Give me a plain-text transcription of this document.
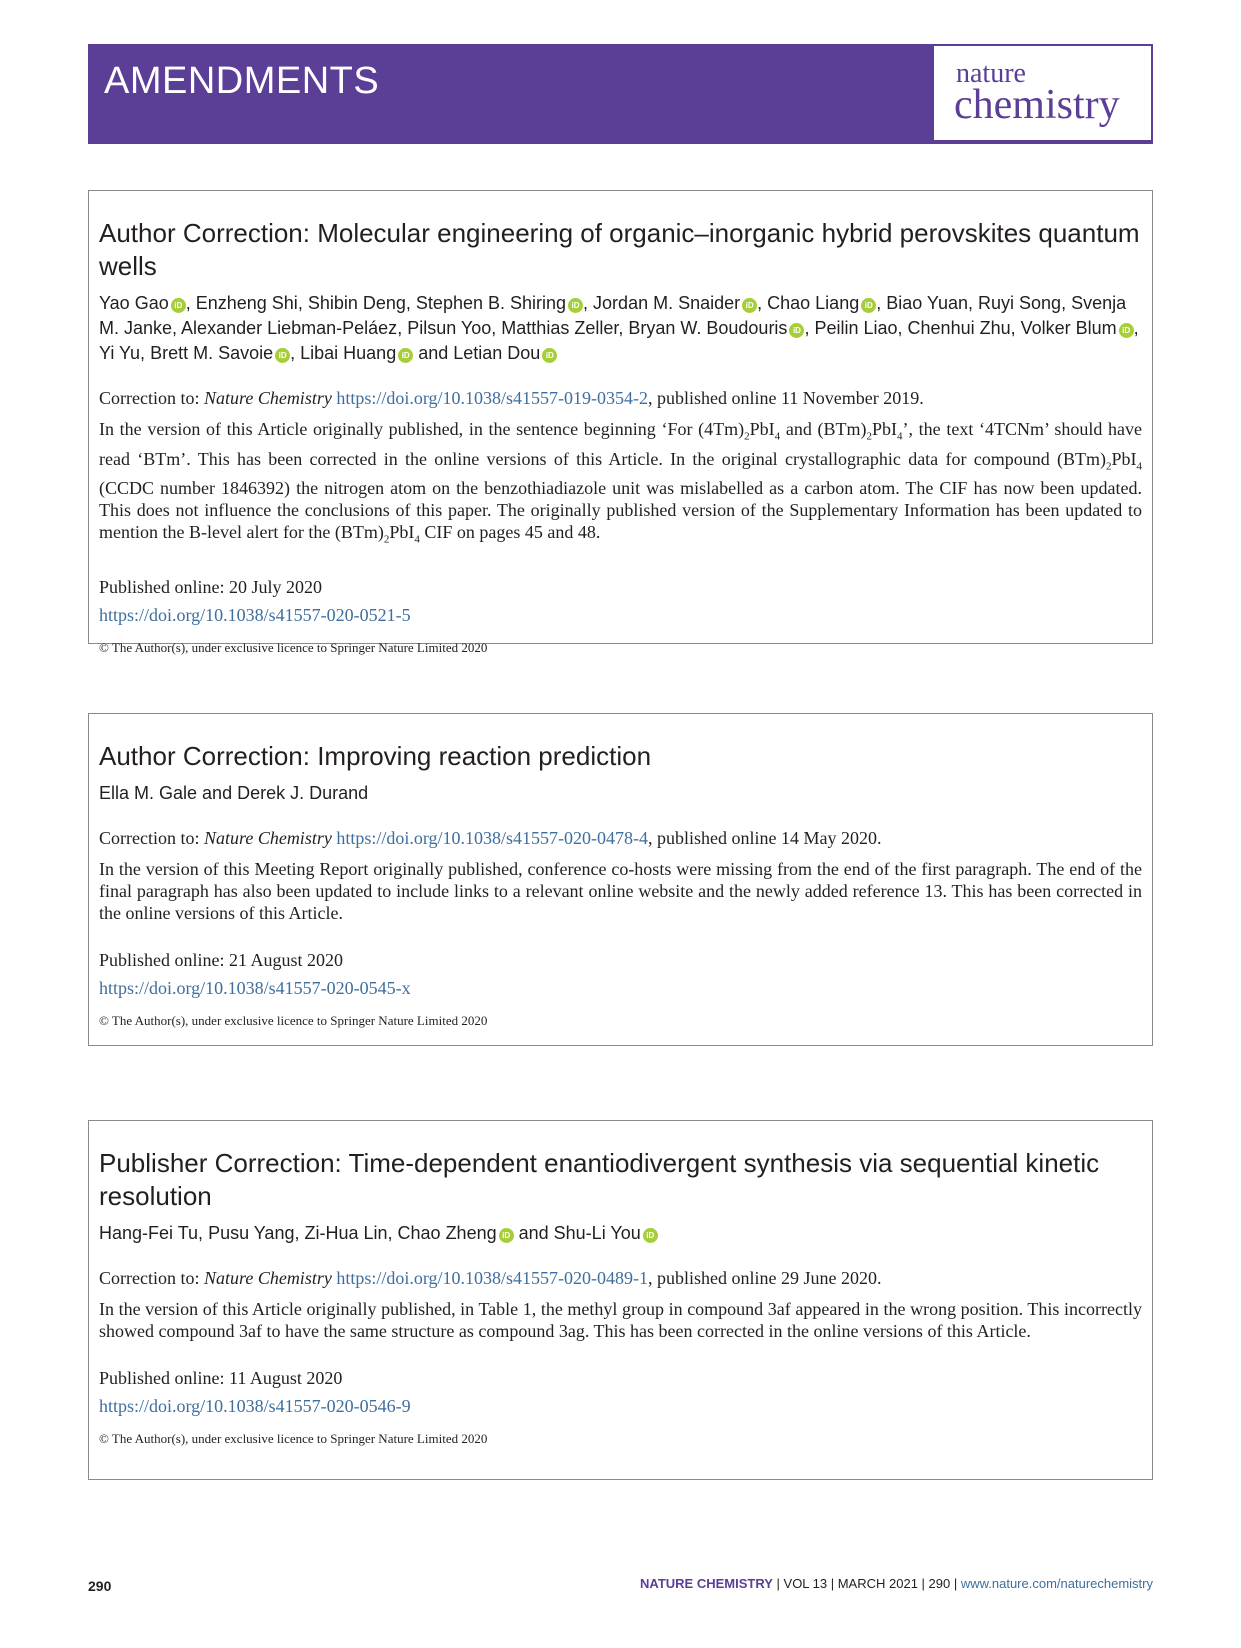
AMENDMENTS	nature
chemistry
Author Correction: Molecular engineering of organic–inorganic hybrid perovskites quantum wells
Yao Gao iD , Enzheng Shi, Shibin Deng, Stephen B. Shiring iD , Jordan M. Snaider iD , Chao Liang iD , Biao Yuan, Ruyi Song, Svenja M. Janke, Alexander Liebman-Peláez, Pilsun Yoo, Matthias Zeller, Bryan W. Boudouris iD , Peilin Liao, Chenhui Zhu, Volker Blum iD , Yi Yu, Brett M. Savoie iD , Libai Huang iD and Letian Dou iD
Correction to: Nature Chemistry https://doi.org/10.1038/s41557-019-0354-2, published online 11 November 2019.
In the version of this Article originally published, in the sentence beginning ‘For $(4Tm)_2PbI_4$ and $(BTm)_2PbI_4$’, the text ‘4TCNm’ should have read ‘BTm’. This has been corrected in the online versions of this Article. In the original crystallographic data for compound $(BTm)_2PbI_4$ (CCDC number 1846392) the nitrogen atom on the benzothiadiazole unit was mislabelled as a carbon atom. The CIF has now been updated. This does not influence the conclusions of this paper. The originally published version of the Supplementary Information has been updated to mention the B-level alert for the $(BTm)_2PbI_4$ CIF on pages 45 and 48.
Published online: 20 July 2020
https://doi.org/10.1038/s41557-020-0521-5
© The Author(s), under exclusive licence to Springer Nature Limited 2020
Author Correction: Improving reaction prediction
Ella M. Gale and Derek J. Durand
Correction to: Nature Chemistry https://doi.org/10.1038/s41557-020-0478-4, published online 14 May 2020.
In the version of this Meeting Report originally published, conference co-hosts were missing from the end of the first paragraph. The end of the final paragraph has also been updated to include links to a relevant online website and the newly added reference 13. This has been corrected in the online versions of this Article.
Published online: 21 August 2020
https://doi.org/10.1038/s41557-020-0545-x
© The Author(s), under exclusive licence to Springer Nature Limited 2020
Publisher Correction: Time-dependent enantiodivergent synthesis via sequential kinetic resolution
Hang-Fei Tu, Pusu Yang, Zi-Hua Lin, Chao Zheng iD and Shu-Li You iD
Correction to: Nature Chemistry https://doi.org/10.1038/s41557-020-0489-1, published online 29 June 2020.
In the version of this Article originally published, in Table 1, the methyl group in compound 3af appeared in the wrong position. This incorrectly showed compound 3af to have the same structure as compound 3ag. This has been corrected in the online versions of this Article.
Published online: 11 August 2020
https://doi.org/10.1038/s41557-020-0546-9
© The Author(s), under exclusive licence to Springer Nature Limited 2020
290	NATURE CHEMISTRY | VOL 13 | MARCH 2021 | 290 | www.nature.com/naturechemistry
